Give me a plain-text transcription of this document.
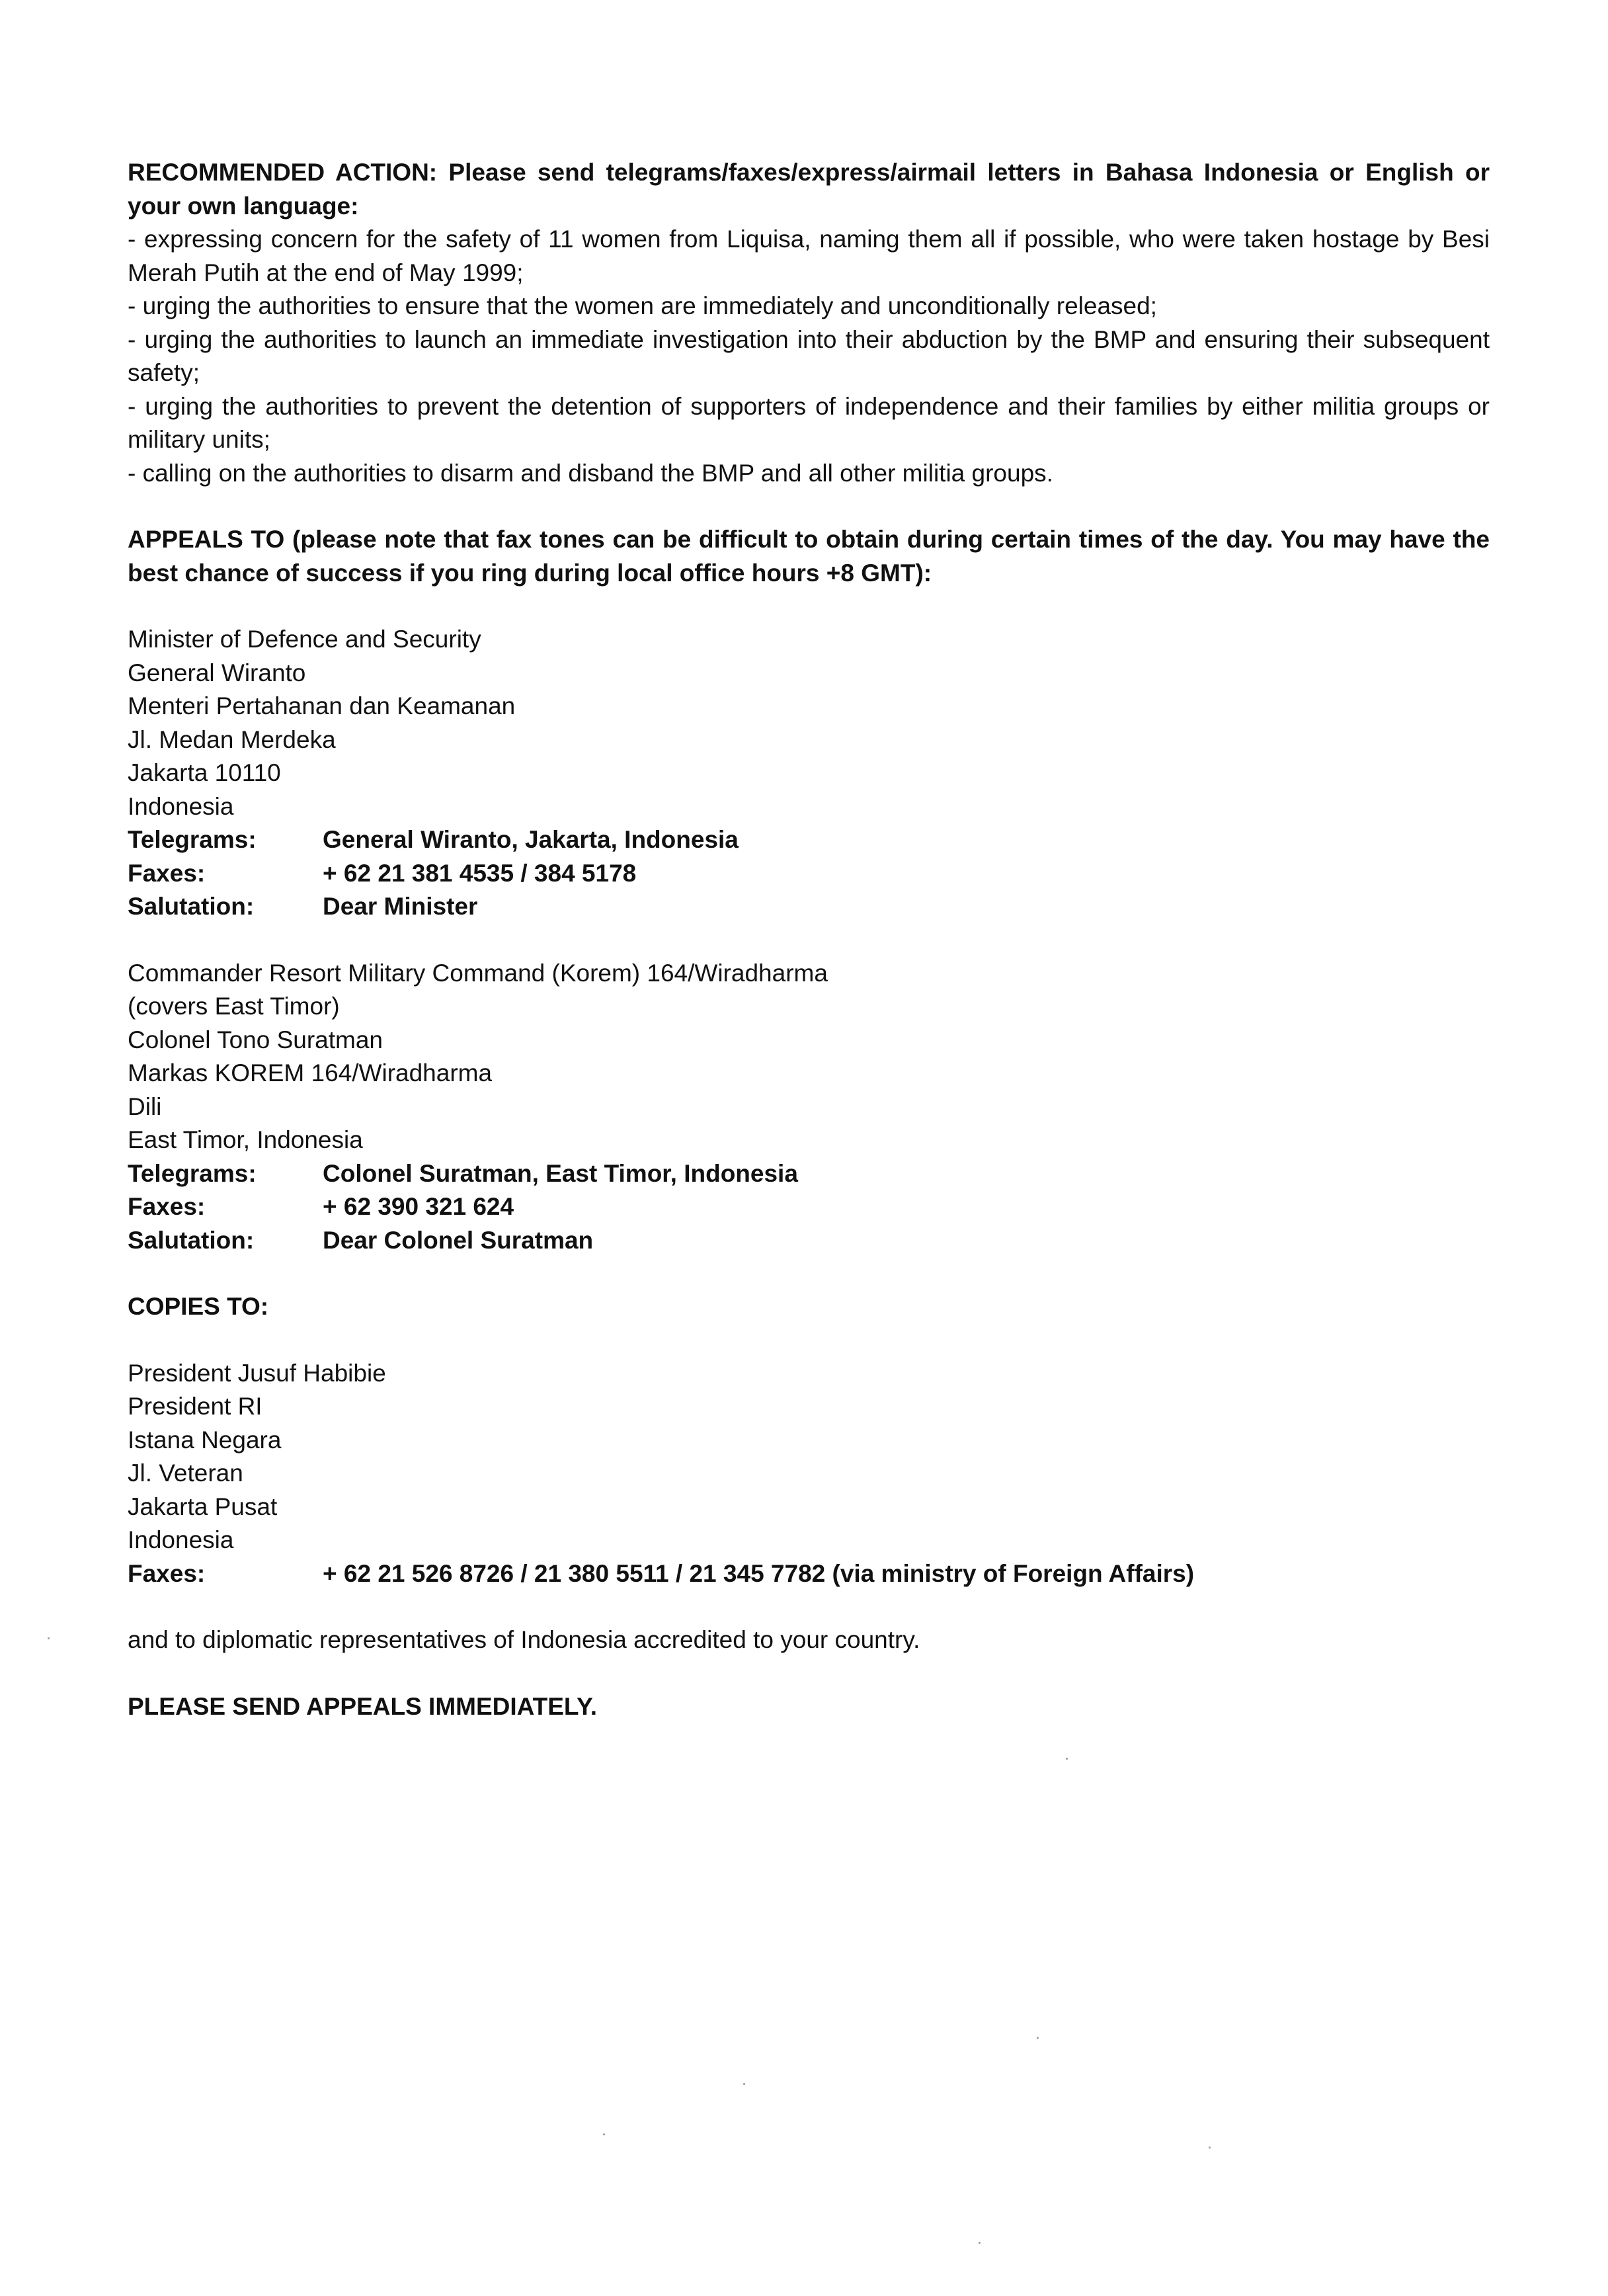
RECOMMENDED ACTION: Please send telegrams/faxes/express/airmail letters in Bahasa Indonesia or English or your own language:

- expressing concern for the safety of 11 women from Liquisa, naming them all if possible, who were taken hostage by Besi Merah Putih at the end of May 1999;

- urging the authorities to ensure that the women are immediately and unconditionally released;

- urging the authorities to launch an immediate investigation into their abduction by the BMP and ensuring their subsequent safety;

- urging the authorities to prevent the detention of supporters of independence and their families by either militia groups or military units;

- calling on the authorities to disarm and disband the BMP and all other militia groups.

APPEALS TO (please note that fax tones can be difficult to obtain during certain times of the day. You may have the best chance of success if you ring during local office hours +8 GMT):

Minister of Defence and Security
General Wiranto
Menteri Pertahanan dan Keamanan
Jl. Medan Merdeka
Jakarta 10110
Indonesia
Telegrams:	General Wiranto, Jakarta, Indonesia
Faxes:	+ 62 21 381 4535 / 384 5178
Salutation:	Dear Minister
Commander Resort Military Command (Korem) 164/Wiradharma
(covers East Timor)
Colonel Tono Suratman
Markas KOREM 164/Wiradharma
Dili
East Timor, Indonesia
Telegrams:	Colonel Suratman, East Timor, Indonesia
Faxes:	+ 62 390 321 624
Salutation:	Dear Colonel Suratman
COPIES TO:
President Jusuf Habibie
President RI
Istana Negara
Jl. Veteran
Jakarta Pusat
Indonesia
Faxes:	+ 62 21 526 8726 / 21 380 5511 / 21 345 7782 (via ministry of Foreign Affairs)
and to diplomatic representatives of Indonesia accredited to your country.
PLEASE SEND APPEALS IMMEDIATELY.
